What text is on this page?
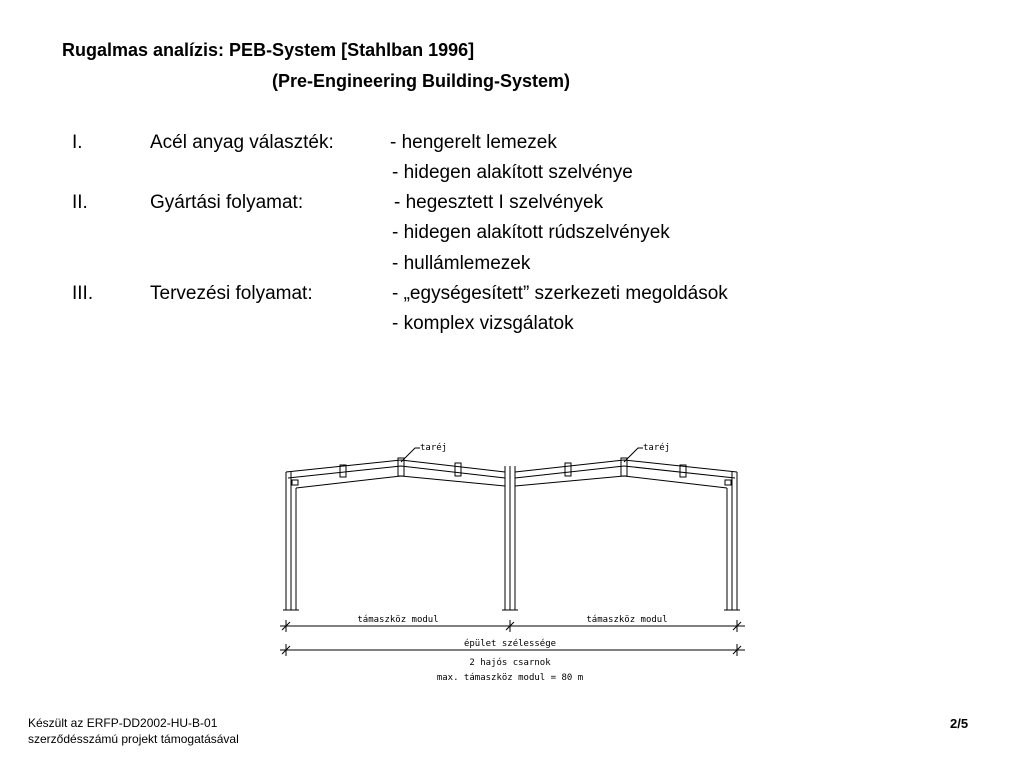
Rugalmas analízis: PEB-System [Stahlban 1996]
(Pre-Engineering Building-System)
I.	Acél anyag választék:	- hengerelt lemezek
- hidegen alakított szelvénye
II.	Gyártási folyamat:	- hegesztett I szelvények
- hidegen alakított rúdszelvények
- hullámlemezek
III.	Tervezési folyamat:	- „egységesített” szerkezeti megoldások
- komplex vizsgálatok
taréj	taréj
támaszköz modul	támaszköz modul
épület szélessége
2 hajós csarnok
max. támaszköz modul = 80 m
Készült az ERFP-DD2002-HU-B-01
szerződésszámú projekt támogatásával
2/5
